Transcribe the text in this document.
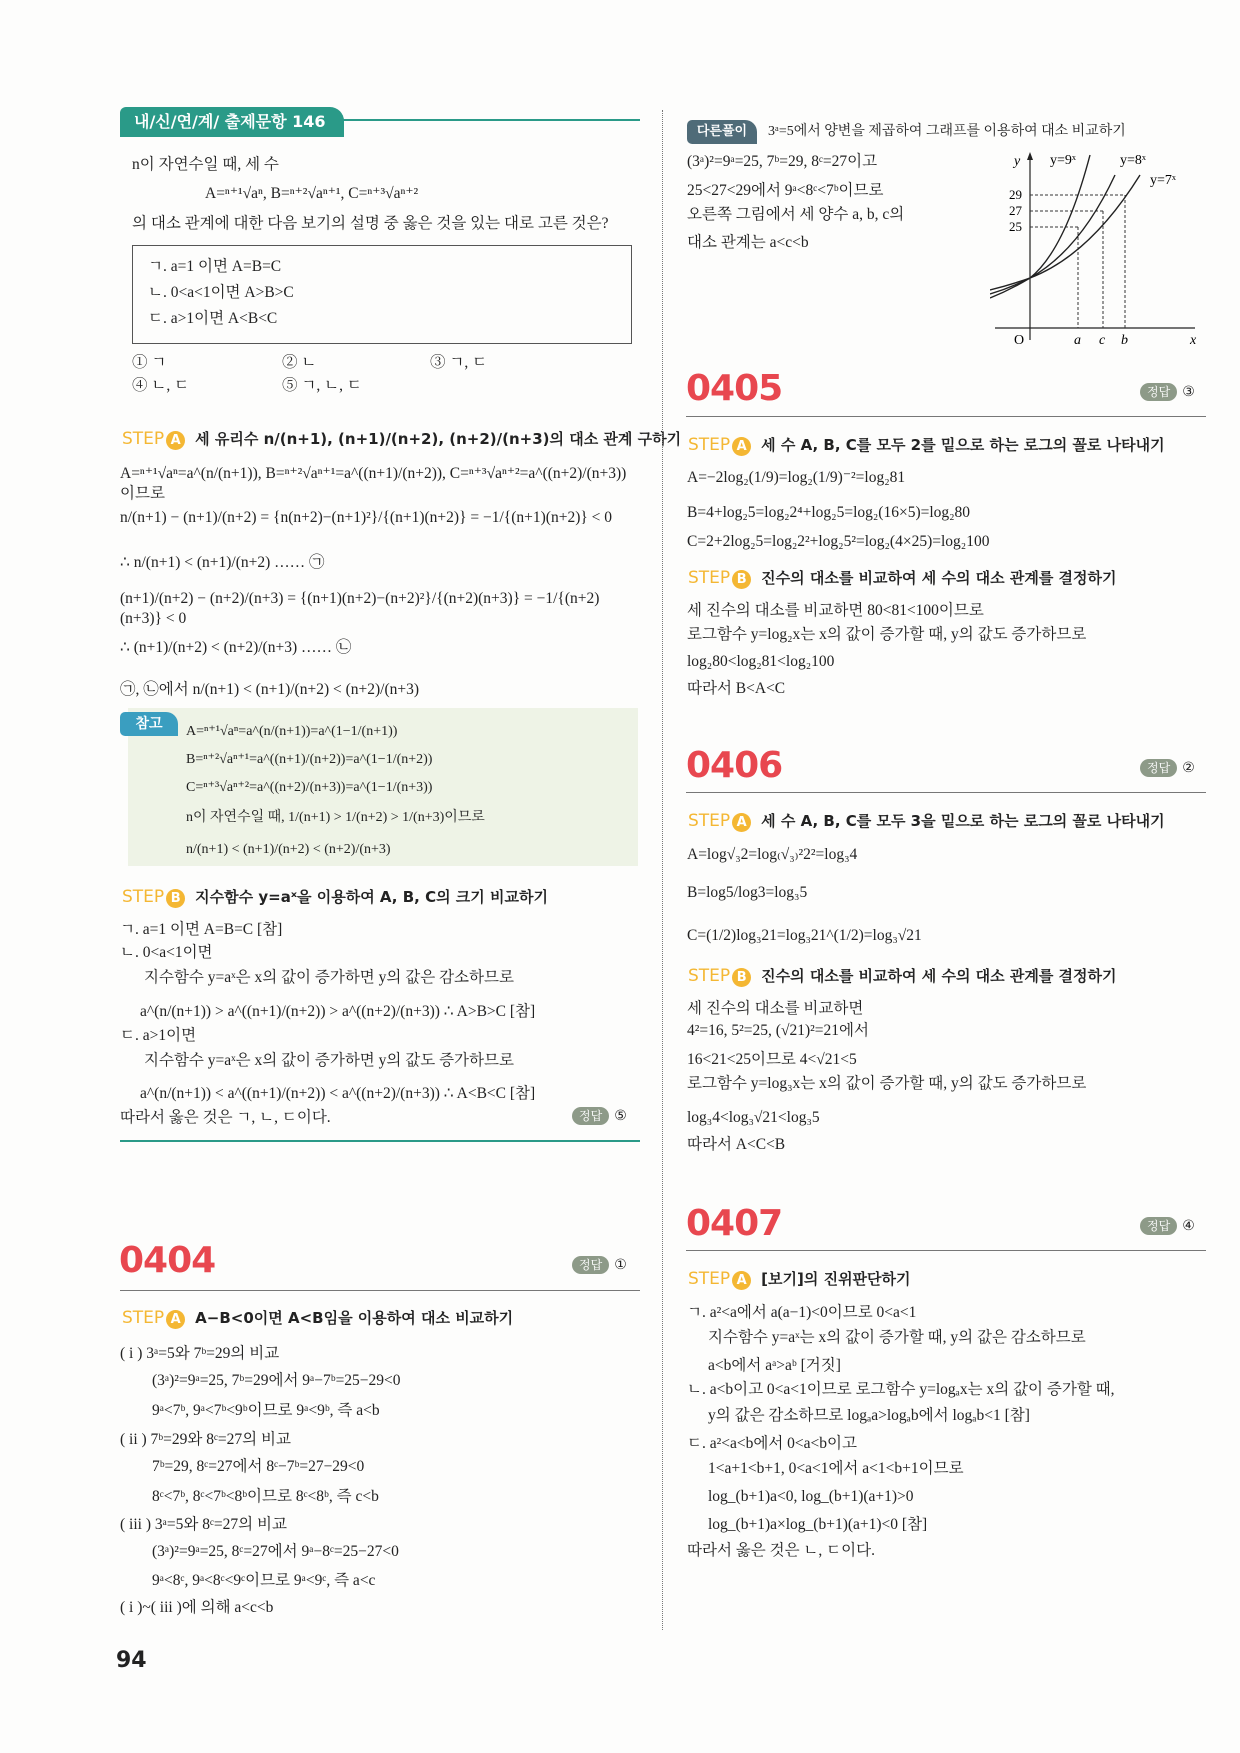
내/신/연/계/ 출제문항 146
n이 자연수일 때, 세 수
A=ⁿ⁺¹√aⁿ, B=ⁿ⁺²√aⁿ⁺¹, C=ⁿ⁺³√aⁿ⁺²
의 대소 관계에 대한 다음 보기의 설명 중 옳은 것을 있는 대로 고른 것은?
ㄱ. a=1 이면 A=B=C
ㄴ. 0<a<1이면 A>B>C
ㄷ. a>1이면 A<B<C
① ㄱ	② ㄴ	③ ㄱ, ㄷ
④ ㄴ, ㄷ	⑤ ㄱ, ㄴ, ㄷ
STEP A 세 유리수 n/(n+1), (n+1)/(n+2), (n+2)/(n+3)의 대소 관계 구하기
A=ⁿ⁺¹√aⁿ=a^(n/(n+1)), B=ⁿ⁺²√aⁿ⁺¹=a^((n+1)/(n+2)), C=ⁿ⁺³√aⁿ⁺²=a^((n+2)/(n+3))이므로
n/(n+1) − (n+1)/(n+2) = {n(n+2)−(n+1)²}/{(n+1)(n+2)} = −1/{(n+1)(n+2)} < 0
∴ n/(n+1) < (n+1)/(n+2) …… ㉠
(n+1)/(n+2) − (n+2)/(n+3) = {(n+1)(n+2)−(n+2)²}/{(n+2)(n+3)} = −1/{(n+2)(n+3)} < 0
∴ (n+1)/(n+2) < (n+2)/(n+3) …… ㉡
㉠, ㉡에서 n/(n+1) < (n+1)/(n+2) < (n+2)/(n+3)
참고	A=ⁿ⁺¹√aⁿ=a^(n/(n+1))=a^(1−1/(n+1))
B=ⁿ⁺²√aⁿ⁺¹=a^((n+1)/(n+2))=a^(1−1/(n+2))
C=ⁿ⁺³√aⁿ⁺²=a^((n+2)/(n+3))=a^(1−1/(n+3))
n이 자연수일 때, 1/(n+1) > 1/(n+2) > 1/(n+3)이므로
n/(n+1) < (n+1)/(n+2) < (n+2)/(n+3)
STEP B 지수함수 y=aˣ을 이용하여 A, B, C의 크기 비교하기
ㄱ. a=1 이면 A=B=C [참]
ㄴ. 0<a<1이면
지수함수 y=aˣ은 x의 값이 증가하면 y의 값은 감소하므로
a^(n/(n+1)) > a^((n+1)/(n+2)) > a^((n+2)/(n+3)) ∴ A>B>C [참]
ㄷ. a>1이면
지수함수 y=aˣ은 x의 값이 증가하면 y의 값도 증가하므로
a^(n/(n+1)) < a^((n+1)/(n+2)) < a^((n+2)/(n+3)) ∴ A<B<C [참]
따라서 옳은 것은 ㄱ, ㄴ, ㄷ이다.	정답 ⑤
0404	정답 ①
STEP A A−B<0이면 A<B임을 이용하여 대소 비교하기
( i ) 3ᵃ=5와 7ᵇ=29의 비교
(3ᵃ)²=9ᵃ=25, 7ᵇ=29에서 9ᵃ−7ᵇ=25−29<0
9ᵃ<7ᵇ, 9ᵃ<7ᵇ<9ᵇ이므로 9ᵃ<9ᵇ, 즉 a<b
( ii ) 7ᵇ=29와 8ᶜ=27의 비교
7ᵇ=29, 8ᶜ=27에서 8ᶜ−7ᵇ=27−29<0
8ᶜ<7ᵇ, 8ᶜ<7ᵇ<8ᵇ이므로 8ᶜ<8ᵇ, 즉 c<b
( iii ) 3ᵃ=5와 8ᶜ=27의 비교
(3ᵃ)²=9ᵃ=25, 8ᶜ=27에서 9ᵃ−8ᶜ=25−27<0
9ᵃ<8ᶜ, 9ᵃ<8ᶜ<9ᶜ이므로 9ᵃ<9ᶜ, 즉 a<c
( i )~( iii )에 의해 a<c<b
94
다른풀이	3ᵃ=5에서 양변을 제곱하여 그래프를 이용하여 대소 비교하기
(3ᵃ)²=9ᵃ=25, 7ᵇ=29, 8ᶜ=27이고
25<27<29에서 9ᵃ<8ᶜ<7ᵇ이므로
오른쪽 그림에서 세 양수 a, b, c의
대소 관계는 a<c<b
y
x
O
y=9ˣ	y=8ˣ
y=7ˣ
29
27
25
a c b
0405	정답 ③
STEP A 세 수 A, B, C를 모두 2를 밑으로 하는 로그의 꼴로 나타내기
A=−2log₂(1/9)=log₂(1/9)⁻²=log₂81
B=4+log₂5=log₂2⁴+log₂5=log₂(16×5)=log₂80
C=2+2log₂5=log₂2²+log₂5²=log₂(4×25)=log₂100
STEP B 진수의 대소를 비교하여 세 수의 대소 관계를 결정하기
세 진수의 대소를 비교하면 80<81<100이므로
로그함수 y=log₂x는 x의 값이 증가할 때, y의 값도 증가하므로
log₂80<log₂81<log₂100
따라서 B<A<C
0406	정답 ②
STEP A 세 수 A, B, C를 모두 3을 밑으로 하는 로그의 꼴로 나타내기
A=log√₃2=log₍√₃₎²2²=log₃4
B=log5/log3=log₃5
C=(1/2)log₃21=log₃21^(1/2)=log₃√21
STEP B 진수의 대소를 비교하여 세 수의 대소 관계를 결정하기
세 진수의 대소를 비교하면
4²=16, 5²=25, (√21)²=21에서
16<21<25이므로 4<√21<5
로그함수 y=log₃x는 x의 값이 증가할 때, y의 값도 증가하므로
log₃4<log₃√21<log₃5
따라서 A<C<B
0407	정답 ④
STEP A [보기]의 진위판단하기
ㄱ. a²<a에서 a(a−1)<0이므로 0<a<1
지수함수 y=aˣ는 x의 값이 증가할 때, y의 값은 감소하므로
a<b에서 aᵃ>aᵇ [거짓]
ㄴ. a<b이고 0<a<1이므로 로그함수 y=logₐx는 x의 값이 증가할 때,
y의 값은 감소하므로 logₐa>logₐb에서 logₐb<1 [참]
ㄷ. a²<a<b에서 0<a<b이고
1<a+1<b+1, 0<a<1에서 a<1<b+1이므로
log_(b+1)a<0, log_(b+1)(a+1)>0
log_(b+1)a×log_(b+1)(a+1)<0 [참]
따라서 옳은 것은 ㄴ, ㄷ이다.
